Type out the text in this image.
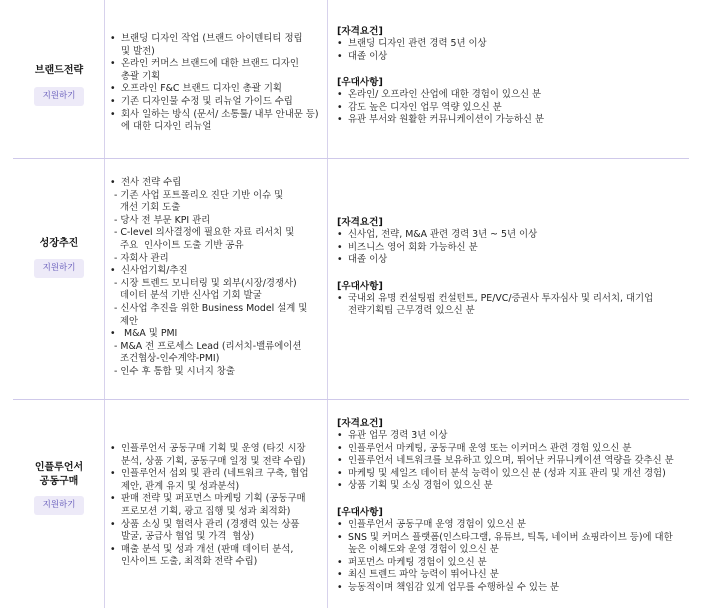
브랜드전략
지원하기
• 브랜딩 디자인 작업 (브랜드 아이덴티티 정립
및 발전)
• 온라인 커머스 브랜드에 대한 브랜드 디자인
총괄 기획
• 오프라인 F&C 브랜드 디자인 총괄 기획
• 기존 디자인물 수정 및 리뉴얼 가이드 수립
• 회사 일하는 방식 (문서/ 소통툴/ 내부 안내문 등)
에 대한 디자인 리뉴얼
[자격요건]
• 브랜딩 디자인 관련 경력 5년 이상
• 대졸 이상
[우대사항]
• 온라인/ 오프라인 산업에 대한 경험이 있으신 분
• 감도 높은 디자인 업무 역량 있으신 분
• 유관 부서와 원활한 커뮤니케이션이 가능하신 분
성장추진
지원하기
• 전사 전략 수립
- 기존 사업 포트폴리오 진단 기반 이슈 및
개선 기회 도출
- 당사 전 부문 KPI 관리
- C-level 의사결정에 필요한 자료 리서치 및
주요  인사이트 도출 기반 공유
- 자회사 관리
• 신사업기획/추진
- 시장 트렌드 모니터링 및 외부(시장/경쟁사)
데이터 분석 기반 신사업 기회 발굴
- 신사업 추진을 위한 Business Model 설계 및
제안
•  M&A 및 PMI
- M&A 전 프로세스 Lead (리서치-밸류에이션
조건협상-인수계약-PMI)
- 인수 후 통합 및 시너지 창출
[자격요건]
• 신사업, 전략, M&A 관련 경력 3년 ~ 5년 이상
• 비즈니스 영어 회화 가능하신 분
• 대졸 이상
[우대사항]
• 국내외 유명 컨설팅펌 컨설턴트, PE/VC/증권사 투자심사 및 리서치, 대기업
전략기획팀 근무경력 있으신 분
인플루언서
공동구매
지원하기
• 인플루언서 공동구매 기획 및 운영 (타깃 시장
분석, 상품 기획, 공동구매 일정 및 전략 수립)
• 인플루언서 섭외 및 관리 (네트워크 구축, 협업
제안, 관계 유지 및 성과분석)
• 판매 전략 및 퍼포먼스 마케팅 기획 (공동구매
프로모션 기획, 광고 집행 및 성과 최적화)
• 상품 소싱 및 협력사 관리 (경쟁력 있는 상품
발굴, 공급사 협업 및 가격  협상)
• 매출 분석 및 성과 개선 (판매 데이터 분석,
인사이트 도출, 최적화 전략 수립)
[자격요건]
• 유관 업무 경력 3년 이상
• 인플루언서 마케팅, 공동구매 운영 또는 이커머스 관련 경험 있으신 분
• 인플루언서 네트워크를 보유하고 있으며, 뛰어난 커뮤니케이션 역량을 갖추신 분
• 마케팅 및 세일즈 데이터 분석 능력이 있으신 분 (성과 지표 관리 및 개선 경험)
• 상품 기획 및 소싱 경험이 있으신 분
[우대사항]
• 인플루언서 공동구매 운영 경험이 있으신 분
• SNS 및 커머스 플랫폼(인스타그램, 유튜브, 틱톡, 네이버 쇼핑라이브 등)에 대한
높은 이해도와 운영 경험이 있으신 분
• 퍼포먼스 마케팅 경험이 있으신 분
• 최신 트렌드 파악 능력이 뛰어나신 분
• 능동적이며 책임감 있게 업무를 수행하실 수 있는 분
